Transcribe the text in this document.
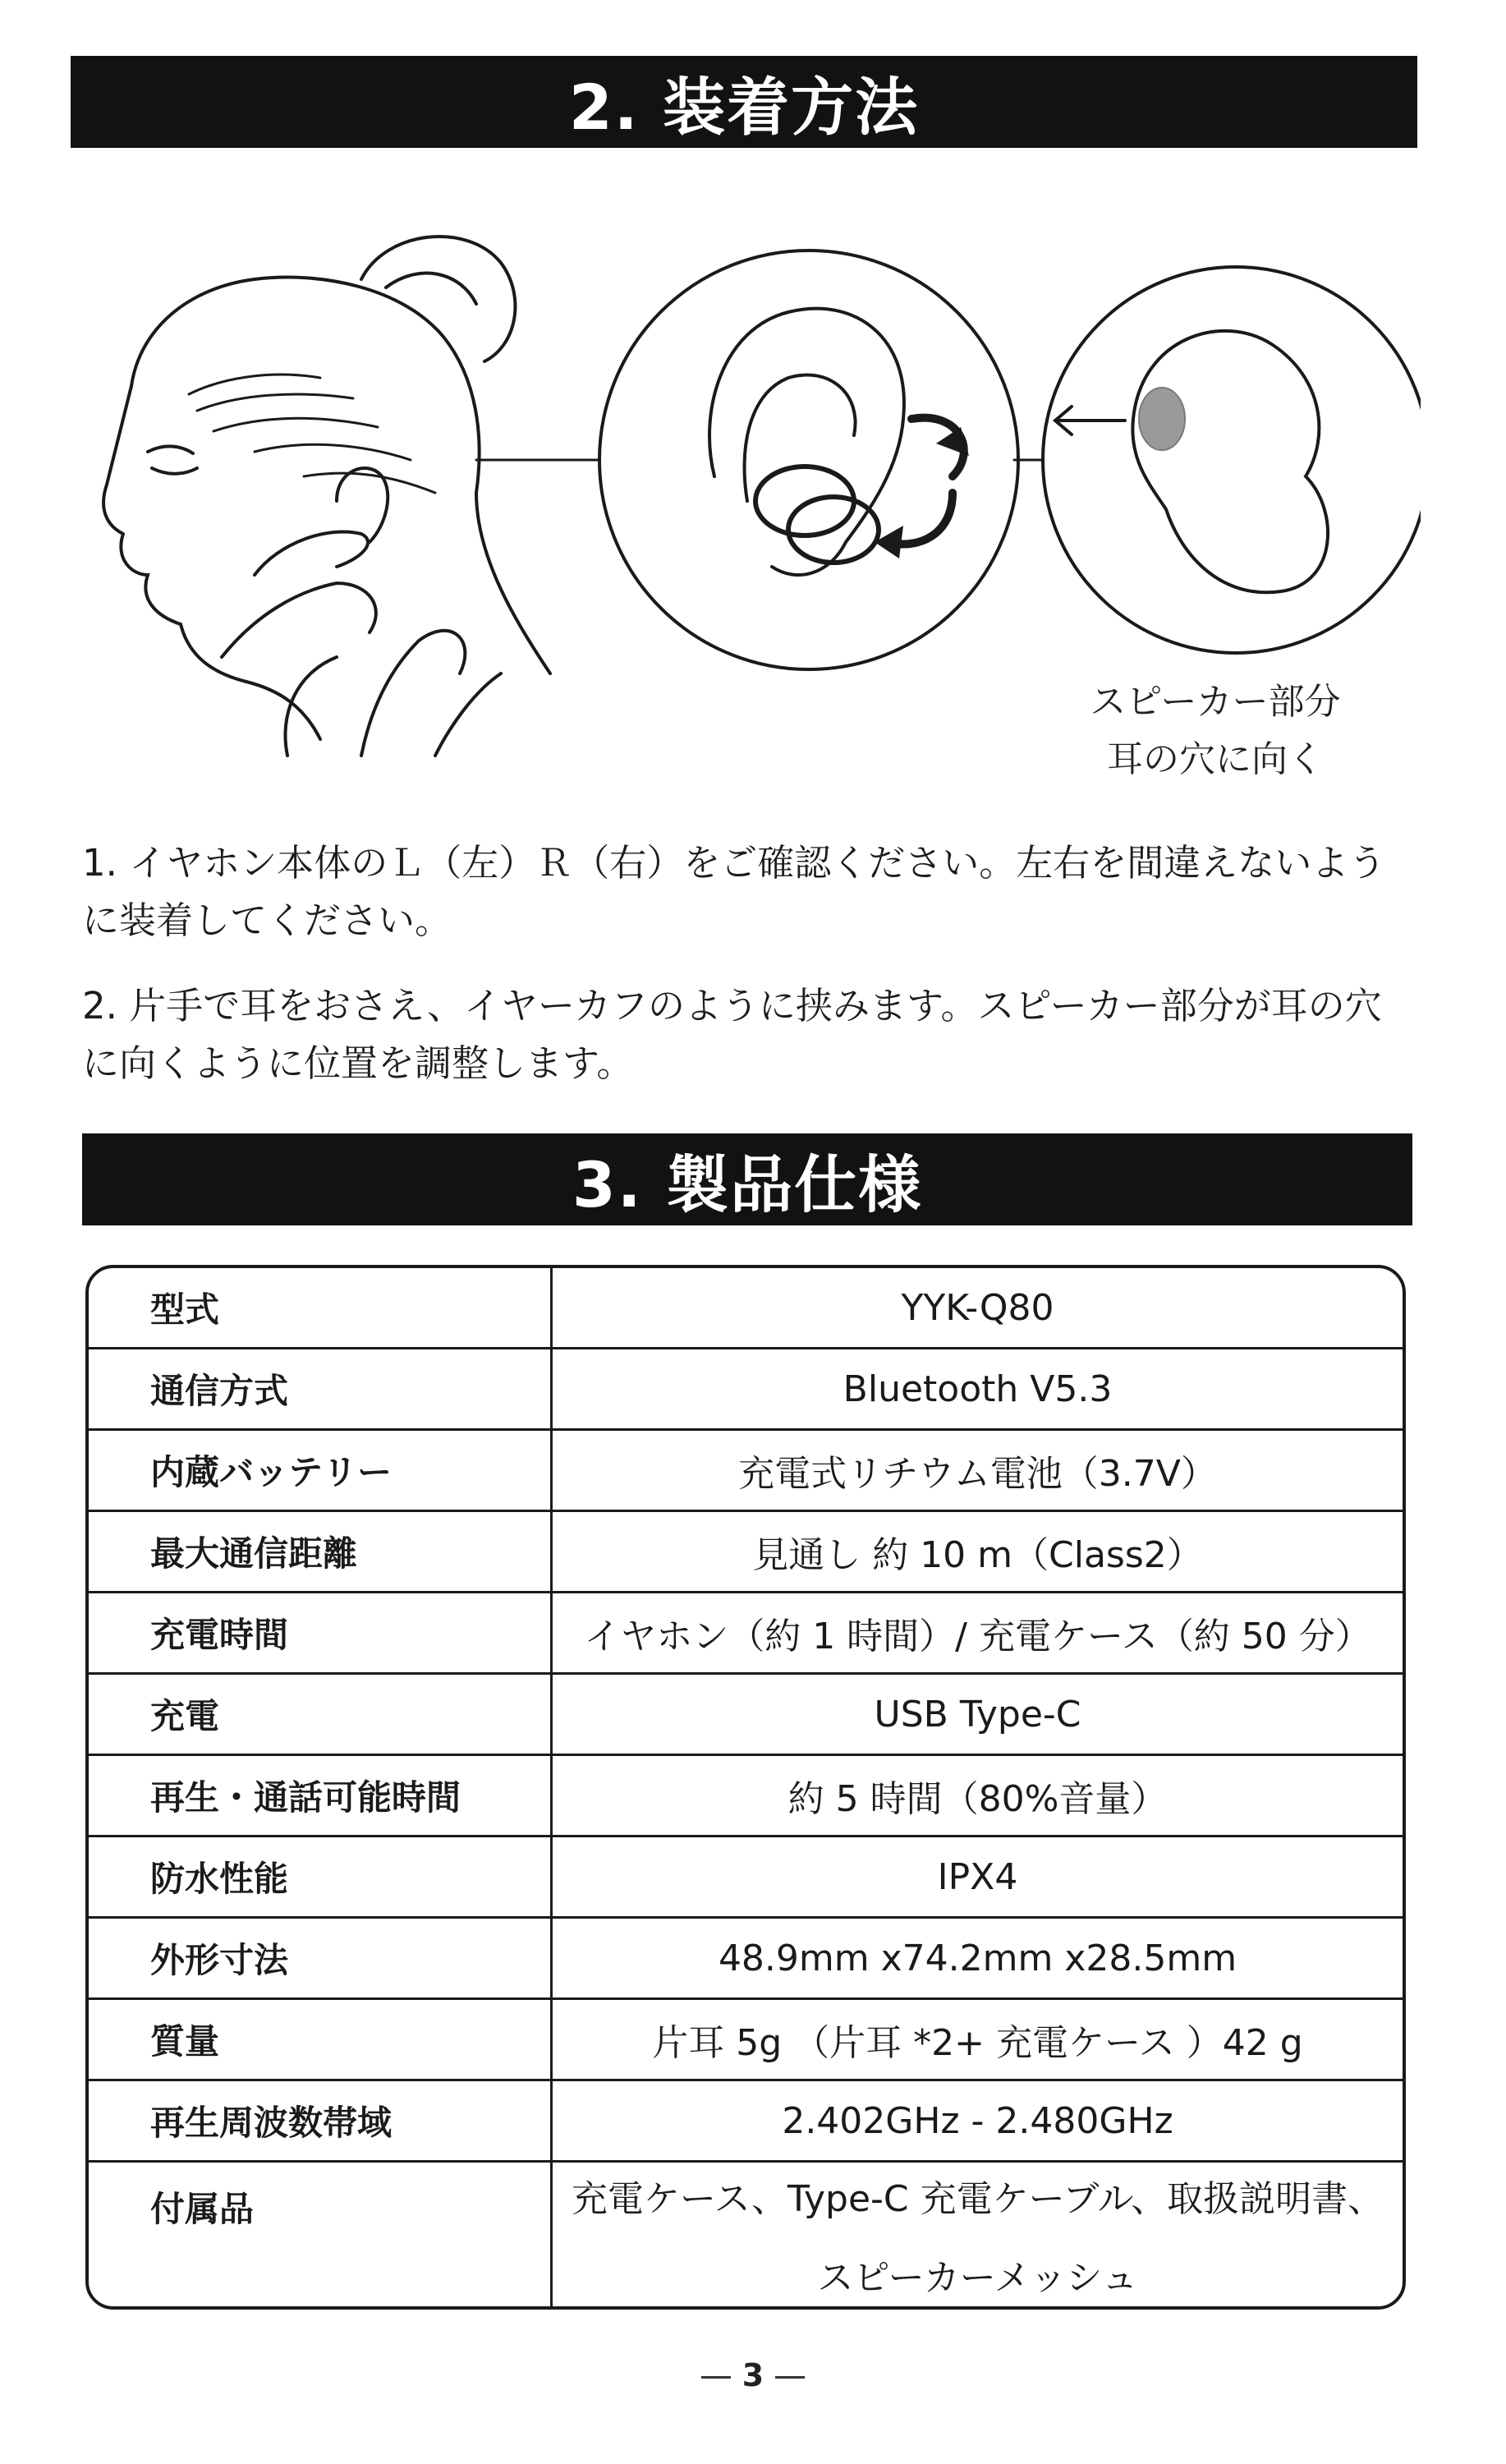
2. 装着方法
スピーカー部分
耳の穴に向く
1. イヤホン本体のＬ（左）Ｒ（右）をご確認ください。左右を間違えないように装着してください。
2. 片手で耳をおさえ、イヤーカフのように挟みます。スピーカー部分が耳の穴に向くように位置を調整します。
3. 製品仕様
型式	YYK-Q80
通信方式	Bluetooth V5.3
内蔵バッテリー	充電式リチウム電池（3.7V）
最大通信距離	見通し 約 10 m（Class2）
充電時間	イヤホン（約 1 時間）/ 充電ケース（約 50 分）
充電	USB Type-C
再生・通話可能時間	約 5 時間（80%音量）
防水性能	IPX4
外形寸法	48.9mm x74.2mm x28.5mm
質量	片耳 5g （片耳 *2+ 充電ケース ）42 g
再生周波数帯域	2.402GHz - 2.480GHz
付属品	充電ケース、Type-C 充電ケーブル、取扱説明書、
スピーカーメッシュ
3
